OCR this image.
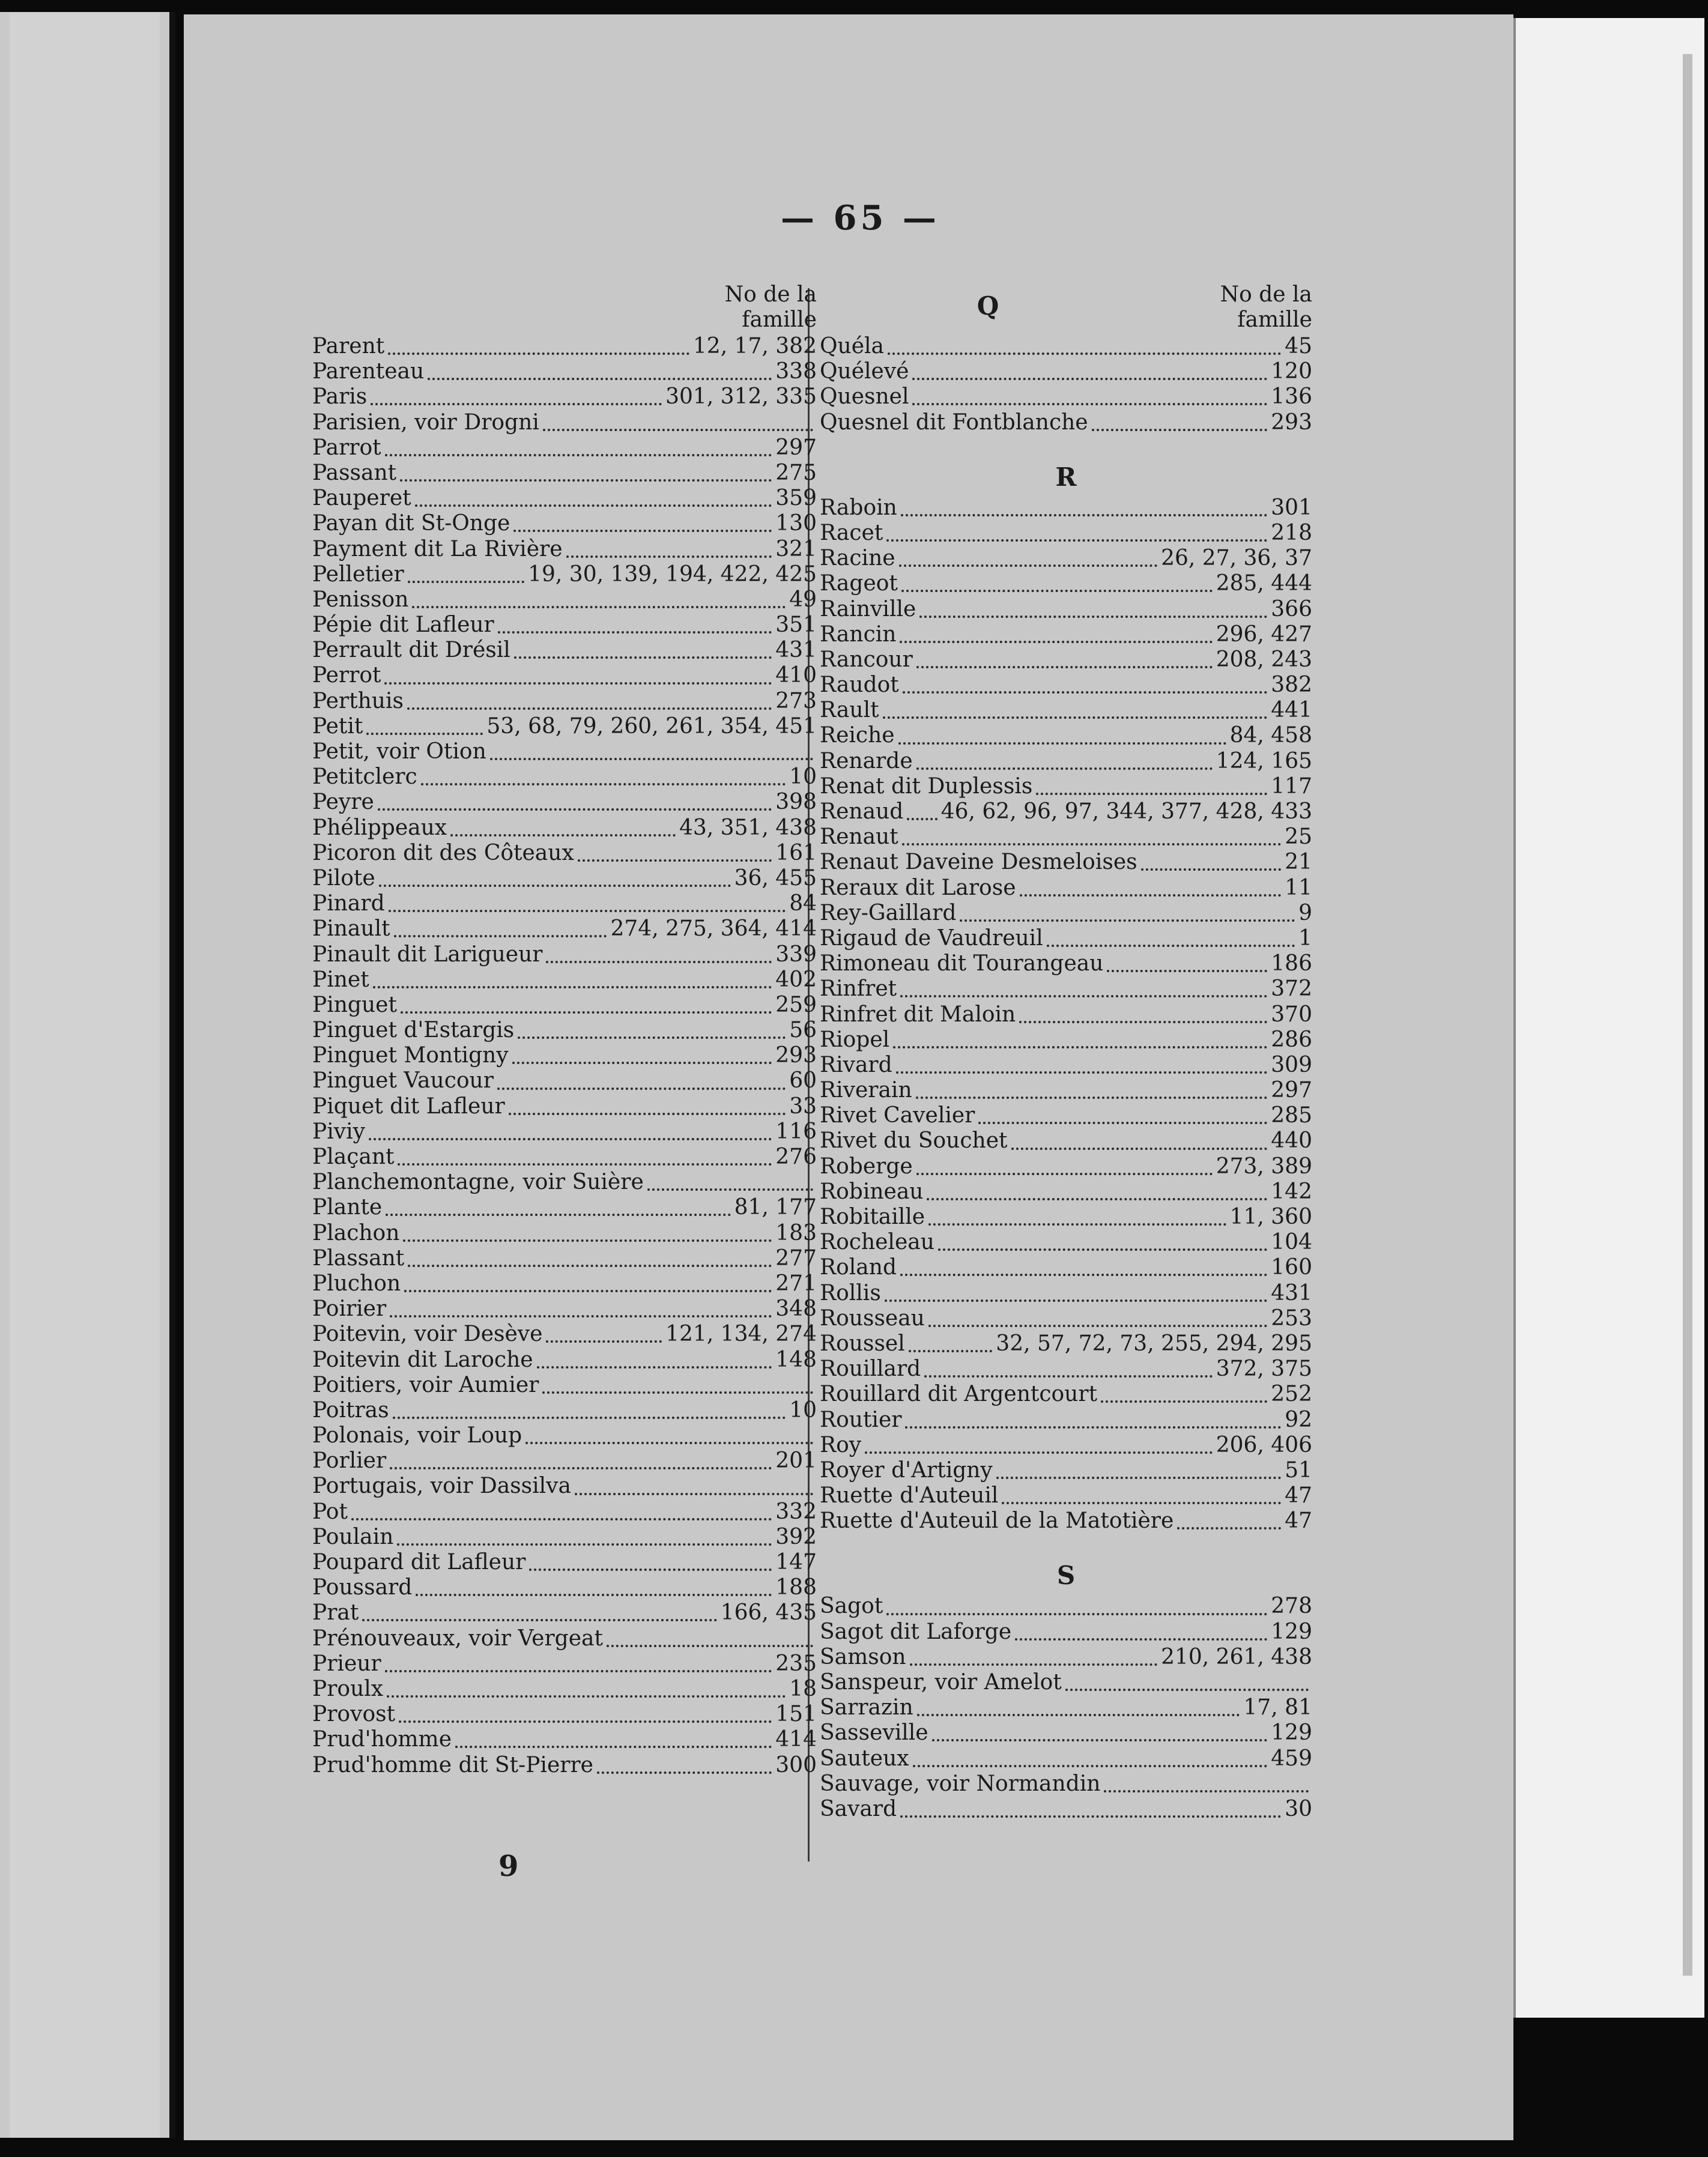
— 65 —
No de la
famille
Parent	12, 17, 382
Parenteau	338
Paris	301, 312, 335
Parisien, voir Drogni
Parrot	297
Passant	275
Pauperet	359
Payan dit St-Onge	130
Payment dit La Rivière	321
Pelletier	19, 30, 139, 194, 422, 425
Penisson	49
Pépie dit Lafleur	351
Perrault dit Drésil	431
Perrot	410
Perthuis	273
Petit	53, 68, 79, 260, 261, 354, 451
Petit, voir Otion
Petitclerc	10
Peyre	398
Phélippeaux	43, 351, 438
Picoron dit des Côteaux	161
Pilote	36, 455
Pinard	84
Pinault	274, 275, 364, 414
Pinault dit Larigueur	339
Pinet	402
Pinguet	259
Pinguet d'Estargis	56
Pinguet Montigny	293
Pinguet Vaucour	60
Piquet dit Lafleur	33
Piviy	116
Plaçant	276
Planchemontagne, voir Suière
Plante	81, 177
Plachon	183
Plassant	277
Pluchon	271
Poirier	348
Poitevin, voir Desève	121, 134, 274
Poitevin dit Laroche	148
Poitiers, voir Aumier
Poitras	10
Polonais, voir Loup
Porlier	201
Portugais, voir Dassilva
Pot	332
Poulain	392
Poupard dit Lafleur	147
Poussard	188
Prat	166, 435
Prénouveaux, voir Vergeat
Prieur	235
Proulx	18
Provost	151
Prud'homme	414
Prud'homme dit St-Pierre	300
Q	No de la
famille
Quéla	45
Quélevé	120
Quesnel	136
Quesnel dit Fontblanche	293
R
Raboin	301
Racet	218
Racine	26, 27, 36, 37
Rageot	285, 444
Rainville	366
Rancin	296, 427
Rancour	208, 243
Raudot	382
Rault	441
Reiche	84, 458
Renarde	124, 165
Renat dit Duplessis	117
Renaud 46, 62, 96, 97, 344, 377, 428, 433
Renaut	25
Renaut Daveine Desmeloises	21
Reraux dit Larose	11
Rey-Gaillard	9
Rigaud de Vaudreuil	1
Rimoneau dit Tourangeau	186
Rinfret	372
Rinfret dit Maloin	370
Riopel	286
Rivard	309
Riverain	297
Rivet Cavelier	285
Rivet du Souchet	440
Roberge	273, 389
Robineau	142
Robitaille	11, 360
Rocheleau	104
Roland	160
Rollis	431
Rousseau	253
Roussel	32, 57, 72, 73, 255, 294, 295
Rouillard	372, 375
Rouillard dit Argentcourt	252
Routier	92
Roy	206, 406
Royer d'Artigny	51
Ruette d'Auteuil	47
Ruette d'Auteuil de la Matotière	47
S
Sagot	278
Sagot dit Laforge	129
Samson	210, 261, 438
Sanspeur, voir Amelot
Sarrazin	17, 81
Sasseville	129
Sauteux	459
Sauvage, voir Normandin
Savard	30
9
